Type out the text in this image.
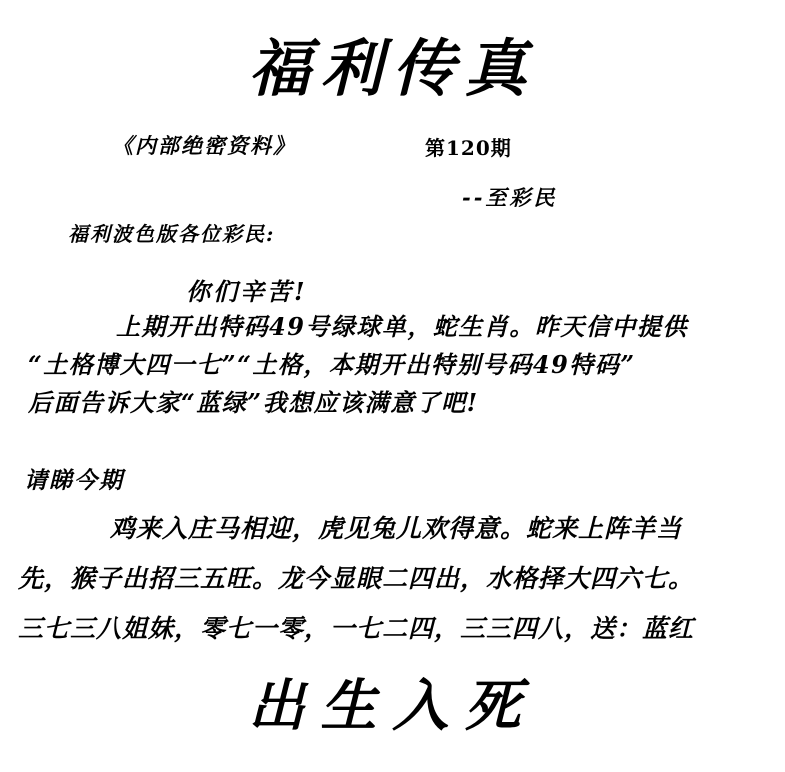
福利传真
《内部绝密资料》	第120期
--至彩民
福利波色版各位彩民:
你们辛苦!
上期开出特码49号绿球单，蛇生肖。昨天信中提供
“土格博大四一七”“土格，本期开出特别号码49特码”
后面告诉大家“蓝绿”我想应该满意了吧!
请睇今期
鸡来入庄马相迎，虎见兔儿欢得意。蛇来上阵羊当
先，猴子出招三五旺。龙今显眼二四出，水格择大四六七。
三七三八姐妹，零七一零，一七二四，三三四八，送：蓝红
出生入死
